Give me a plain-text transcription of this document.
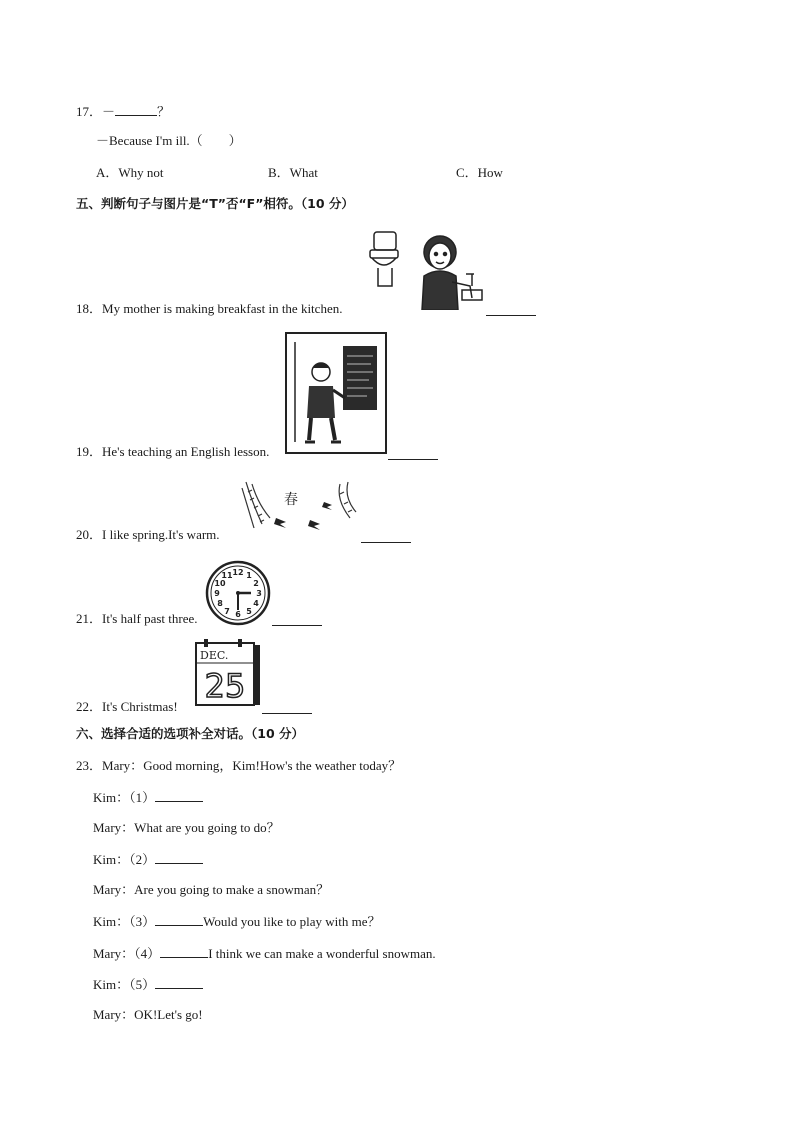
17．－	？
－Because I'm ill.（　　）
A．Why not	B．What	C．How
五、判断句子与图片是“T”否“F”相符。（10 分）
18．My mother is making breakfast in the kitchen.
19．He's teaching an English lesson.
20．I like spring.It's warm.
春
21．It's half past three.
12 1
2
3
4
5
6
7
8
9
10
11
22．It's Christmas!
DEC.
25
六、选择合适的选项补全对话。（10 分）
23．Mary：Good morning，Kim!How's the weather today？
Kim：（1）
Mary：What are you going to do？
Kim：（2）
Mary：Are you going to make a snowman？
Kim：（3）	Would you like to play with me？
Mary：（4）	I think we can make a wonderful snowman.
Kim：（5）
Mary：OK!Let's go!
